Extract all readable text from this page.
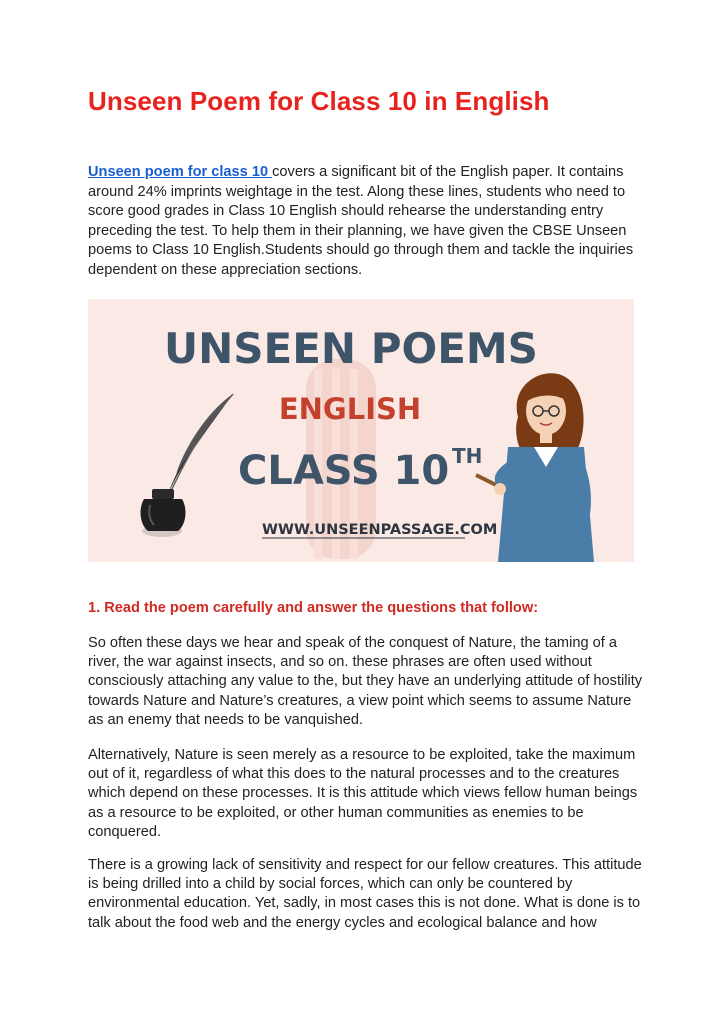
Unseen Poem for Class 10 in English

Unseen poem for class 10 covers a significant bit of the English paper. It contains around 24% imprints weightage in the test. Along these lines, students who need to score good grades in Class 10 English should rehearse the understanding entry preceding the test. To help them in their planning, we have given the CBSE Unseen poems to Class 10 English.Students should go through them and tackle the inquiries dependent on these appreciation sections.

UNSEEN POEMS
ENGLISH
CLASS 10 TH
WWW.UNSEENPASSAGE.COM
1. Read the poem carefully and answer the questions that follow:

So often these days we hear and speak of the conquest of Nature, the taming of a river, the war against insects, and so on. these phrases are often used without consciously attaching any value to the, but they have an underlying attitude of hostility towards Nature and Nature’s creatures, a view point which seems to assume Nature as an enemy that needs to be vanquished.

Alternatively, Nature is seen merely as a resource to be exploited, take the maximum out of it, regardless of what this does to the natural processes and to the creatures which depend on these processes. It is this attitude which views fellow human beings as a resource to be exploited, or other human communities as enemies to be conquered.

There is a growing lack of sensitivity and respect for our fellow creatures. This attitude is being drilled into a child by social forces, which can only be countered by environmental education. Yet, sadly, in most cases this is not done. What is done is to talk about the food web and the energy cycles and ecological balance and how
